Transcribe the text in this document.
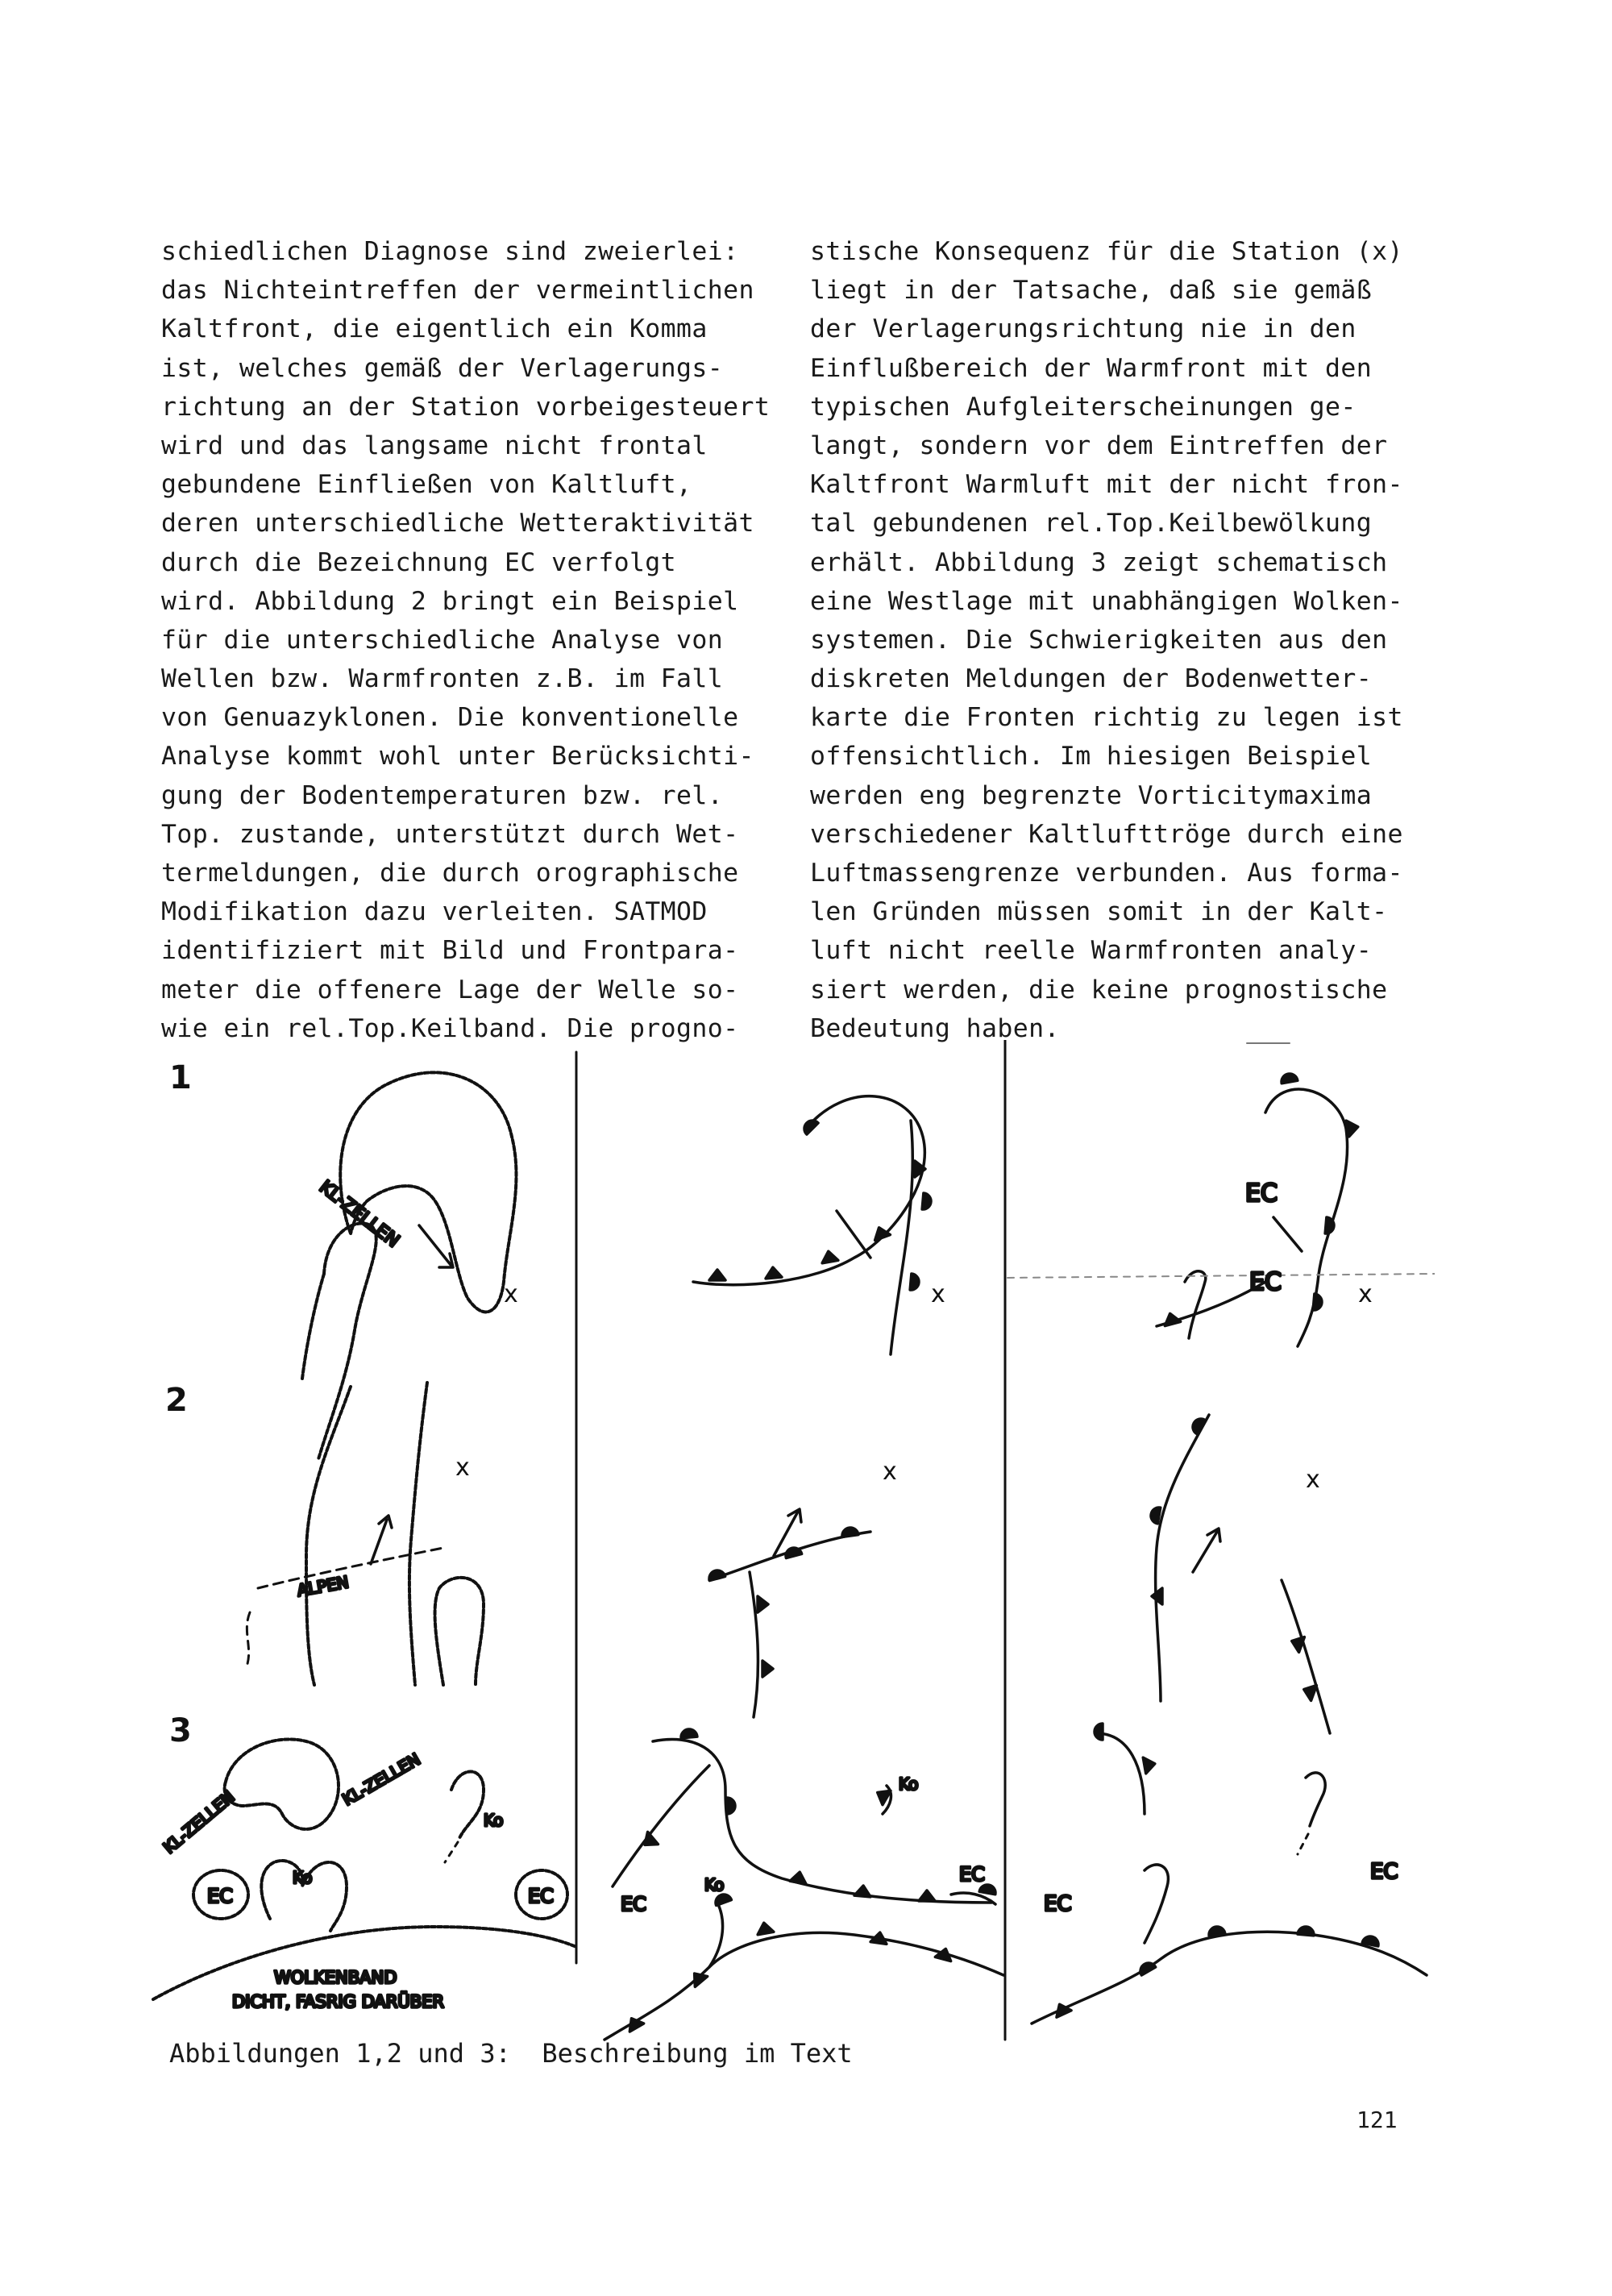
schiedlichen Diagnose sind zweierlei:
das Nichteintreffen der vermeintlichen
Kaltfront, die eigentlich ein Komma
ist, welches gemäß der Verlagerungs-
richtung an der Station vorbeigesteuert
wird und das langsame nicht frontal
gebundene Einfließen von Kaltluft,
deren unterschiedliche Wetteraktivität
durch die Bezeichnung EC verfolgt
wird. Abbildung 2 bringt ein Beispiel
für die unterschiedliche Analyse von
Wellen bzw. Warmfronten z.B. im Fall
von Genuazyklonen. Die konventionelle
Analyse kommt wohl unter Berücksichti-
gung der Bodentemperaturen bzw. rel.
Top. zustande, unterstützt durch Wet-
termeldungen, die durch orographische
Modifikation dazu verleiten. SATMOD
identifiziert mit Bild und Frontpara-
meter die offenere Lage der Welle so-
wie ein rel.Top.Keilband. Die progno-
stische Konsequenz für die Station (x)
liegt in der Tatsache, daß sie gemäß
der Verlagerungsrichtung nie in den
Einflußbereich der Warmfront mit den
typischen Aufgleiterscheinungen ge-
langt, sondern vor dem Eintreffen der
Kaltfront Warmluft mit der nicht fron-
tal gebundenen rel.Top.Keilbewölkung
erhält. Abbildung 3 zeigt schematisch
eine Westlage mit unabhängigen Wolken-
systemen. Die Schwierigkeiten aus den
diskreten Meldungen der Bodenwetter-
karte die Fronten richtig zu legen ist
offensichtlich. Im hiesigen Beispiel
werden eng begrenzte Vorticitymaxima
verschiedener Kaltlufttröge durch eine
Luftmassengrenze verbunden. Aus forma-
len Gründen müssen somit in der Kalt-
luft nicht reelle Warmfronten analy-
siert werden, die keine prognostische
Bedeutung haben.
KL-ZELLEN
ALPEN
KL-ZELLEN
KL-ZELLEN
EC	EC
Ko
Ko
WOLKENBAND
DICHT, FASRIG DARÜBER
Ko
Ko
EC
EC	EC
EC
EC
EC
1
2
3
x	x	x
x	x	x
Abbildungen 1,2 und 3:  Beschreibung im Text
121
